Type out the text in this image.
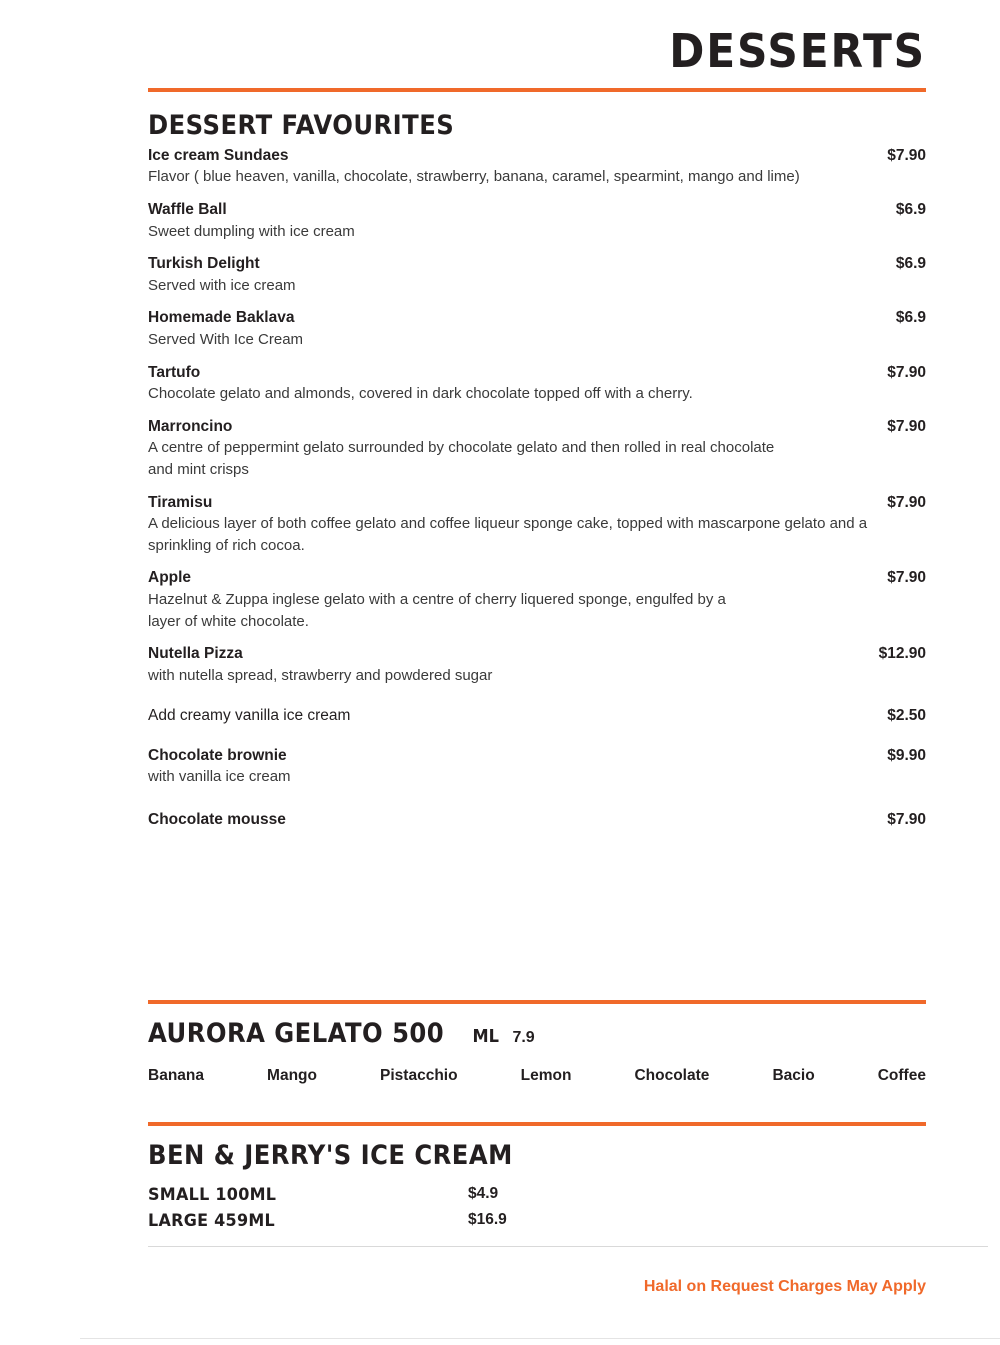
DESSERTS
DESSERT FAVOURITES
Ice cream Sundaes	$7.90
Flavor ( blue heaven, vanilla, chocolate, strawberry, banana, caramel, spearmint, mango and lime)
Waffle Ball	$6.9
Sweet dumpling with ice cream
Turkish Delight	$6.9
Served with ice cream
Homemade Baklava	$6.9
Served With Ice Cream
Tartufo	$7.90
Chocolate gelato and almonds, covered in dark chocolate topped off with a cherry.
Marroncino	$7.90
A centre of peppermint gelato surrounded by chocolate gelato and then rolled in real chocolate and mint crisps
Tiramisu	$7.90
A delicious layer of both coffee gelato and coffee liqueur sponge cake, topped with mascarpone gelato and a sprinkling of rich cocoa.
Apple	$7.90
Hazelnut & Zuppa inglese gelato with a centre of cherry liquered sponge, engulfed by a layer of white chocolate.
Nutella Pizza	$12.90
with nutella spread, strawberry and powdered sugar
Add creamy vanilla ice cream	$2.50
Chocolate brownie	$9.90
with vanilla ice cream
Chocolate mousse	$7.90
AURORA GELATO 500 ML 7.9
Banana	Mango	Pistacchio	Lemon	Chocolate	Bacio	Coffee
BEN & JERRY'S ICE CREAM
SMALL 100ML	$4.9
LARGE 459ML	$16.9
Halal on Request Charges May Apply
